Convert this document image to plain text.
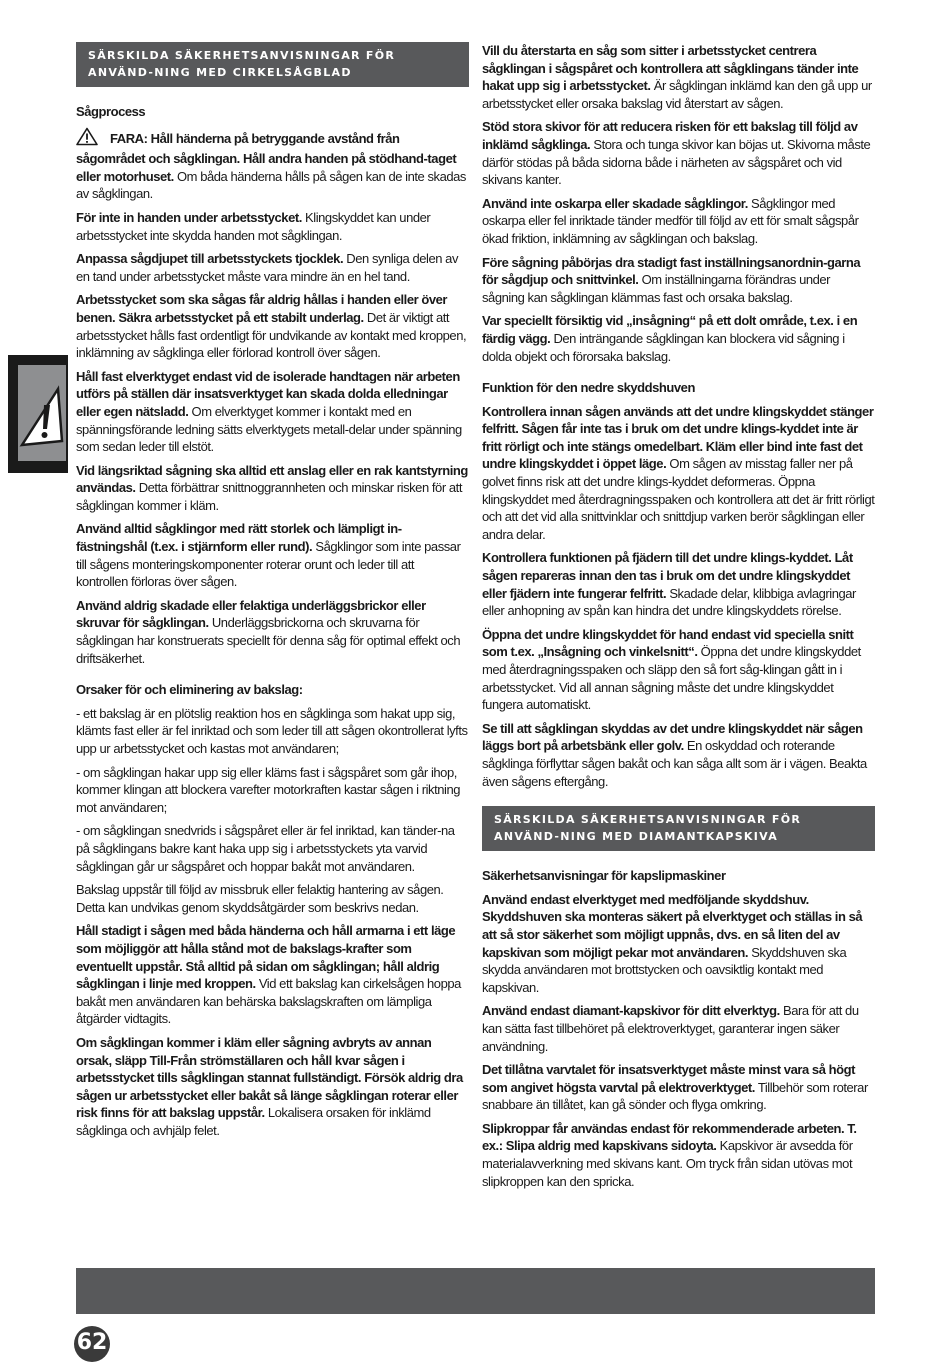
SÄRSKILDA SÄKERHETSANVISNINGAR FÖR ANVÄND-NING MED CIRKELSÅGBLAD

Sågprocess

FARA: Håll händerna på betryggande avstånd från sågområdet och sågklingan. Håll andra handen på stödhand-taget eller motorhuset. Om båda händerna hålls på sågen kan de inte skadas av sågklingan.

För inte in handen under arbetsstycket. Klingskyddet kan under arbetsstycket inte skydda handen mot sågklingan.

Anpassa sågdjupet till arbetsstyckets tjocklek. Den synliga delen av en tand under arbetsstycket måste vara mindre än en hel tand.

Arbetsstycket som ska sågas får aldrig hållas i handen eller över benen. Säkra arbetsstycket på ett stabilt underlag. Det är viktigt att arbetsstycket hålls fast ordentligt för undvikande av kontakt med kroppen, inklämning av sågklinga eller förlorad kontroll över sågen.

Håll fast elverktyget endast vid de isolerade handtagen när arbeten utförs på ställen där insatsverktyget kan skada dolda elledningar eller egen nätsladd. Om elverktyget kommer i kontakt med en spänningsförande ledning sätts elverktygets metall-delar under spänning som sedan leder till elstöt.

Vid längsriktad sågning ska alltid ett anslag eller en rak kantstyrning användas. Detta förbättrar snittnoggrannheten och minskar risken för att sågklingan kommer i kläm.

Använd alltid sågklingor med rätt storlek och lämpligt in-fästningshål (t.ex. i stjärnform eller rund). Sågklingor som inte passar till sågens monteringskomponenter roterar orunt och leder till att kontrollen förloras över sågen.

Använd aldrig skadade eller felaktiga underläggsbrickor eller skruvar för sågklingan. Underläggsbrickorna och skruvarna för sågklingan har konstruerats speciellt för denna såg för optimal effekt och driftsäkerhet.

Orsaker för och eliminering av bakslag:

- ett bakslag är en plötslig reaktion hos en sågklinga som hakat upp sig, klämts fast eller är fel inriktad och som leder till att sågen okontrollerat lyfts upp ur arbetsstycket och kastas mot användaren;

- om sågklingan hakar upp sig eller kläms fast i sågspåret som går ihop, kommer klingan att blockera varefter motorkraften kastar sågen i riktning mot användaren;

- om sågklingan snedvrids i sågspåret eller är fel inriktad, kan tänder-na på sågklingans bakre kant haka upp sig i arbetsstyckets yta varvid sågklingan går ur sågspåret och hoppar bakåt mot användaren.

Bakslag uppstår till följd av missbruk eller felaktig hantering av sågen. Detta kan undvikas genom skyddsåtgärder som beskrivs nedan.

Håll stadigt i sågen med båda händerna och håll armarna i ett läge som möjliggör att hålla stånd mot de bakslags-krafter som eventuellt uppstår. Stå alltid på sidan om sågklingan; håll aldrig sågklingan i linje med kroppen. Vid ett bakslag kan cirkelsågen hoppa bakåt men användaren kan behärska bakslagskraften om lämpliga åtgärder vidtagits.

Om sågklingan kommer i kläm eller sågning avbryts av annan orsak, släpp Till-Från strömställaren och håll kvar sågen i arbetsstycket tills sågklingan stannat fullständigt. Försök aldrig dra sågen ur arbetsstycket eller bakåt så länge sågklingan roterar eller risk finns för att bakslag uppstår. Lokalisera orsaken för inklämd sågklinga och avhjälp felet.

Vill du återstarta en såg som sitter i arbetsstycket centrera sågklingan i sågspåret och kontrollera att sågklingans tänder inte hakat upp sig i arbetsstycket. Är sågklingan inklämd kan den gå upp ur arbetsstycket eller orsaka bakslag vid återstart av sågen.

Stöd stora skivor för att reducera risken för ett bakslag till följd av inklämd sågklinga. Stora och tunga skivor kan böjas ut. Skivorna måste därför stödas på båda sidorna både i närheten av sågspåret och vid skivans kanter.

Använd inte oskarpa eller skadade sågklingor. Sågklingor med oskarpa eller fel inriktade tänder medför till följd av ett för smalt sågspår ökad friktion, inklämning av sågklingan och bakslag.

Före sågning påbörjas dra stadigt fast inställningsanordnin-garna för sågdjup och snittvinkel. Om inställningarna förändras under sågning kan sågklingan klämmas fast och orsaka bakslag.

Var speciellt försiktig vid „insågning“ på ett dolt område, t.ex. i en färdig vägg. Den inträngande sågklingan kan blockera vid sågning i dolda objekt och förorsaka bakslag.

Funktion för den nedre skyddshuven

Kontrollera innan sågen används att det undre klingskyddet stänger felfritt. Sågen får inte tas i bruk om det undre klings-kyddet inte är fritt rörligt och inte stängs omedelbart. Kläm eller bind inte fast det undre klingskyddet i öppet läge. Om sågen av misstag faller ner på golvet finns risk att det undre klings-kyddet deformeras. Öppna klingskyddet med återdragningsspaken och kontrollera att det är fritt rörligt och att det vid alla snittvinklar och snittdjup varken berör sågklingan eller andra delar.

Kontrollera funktionen på fjädern till det undre klings-kyddet. Låt sågen repareras innan den tas i bruk om det undre klingskyddet eller fjädern inte fungerar felfritt. Skadade delar, klibbiga avlagringar eller anhopning av spån kan hindra det undre klingskyddets rörelse.

Öppna det undre klingskyddet för hand endast vid speciella snitt som t.ex. „Insågning och vinkelsnitt“. Öppna det undre klingskyddet med återdragningsspaken och släpp den så fort såg-klingan gått in i arbetsstycket. Vid all annan sågning måste det undre klingskyddet fungera automatiskt.

Se till att sågklingan skyddas av det undre klingskyddet när sågen läggs bort på arbetsbänk eller golv. En oskyddad och roterande sågklinga förflyttar sågen bakåt och kan såga allt som är i vägen. Beakta även sågens eftergång.

SÄRSKILDA SÄKERHETSANVISNINGAR FÖR ANVÄND-NING MED DIAMANTKAPSKIVA

Säkerhetsanvisningar för kapslipmaskiner

Använd endast elverktyget med medföljande skyddshuv. Skyddshuven ska monteras säkert på elverktyget och ställas in så att så stor säkerhet som möjligt uppnås, dvs. en så liten del av kapskivan som möjligt pekar mot användaren. Skyddshuven ska skydda användaren mot brottstycken och oavsiktlig kontakt med kapskivan.

Använd endast diamant-kapskivor för ditt elverktyg. Bara för att du kan sätta fast tillbehöret på elektroverktyget, garanterar ingen säker användning.

Det tillåtna varvtalet för insatsverktyget måste minst vara så högt som angivet högsta varvtal på elektroverktyget. Tillbehör som roterar snabbare än tillåtet, kan gå sönder och flyga omkring.

Slipkroppar får användas endast för rekommenderade arbeten. T. ex.: Slipa aldrig med kapskivans sidoyta. Kapskivor är avsedda för materialavverkning med skivans kant. Om tryck från sidan utövas mot slipkroppen kan den spricka.

62
